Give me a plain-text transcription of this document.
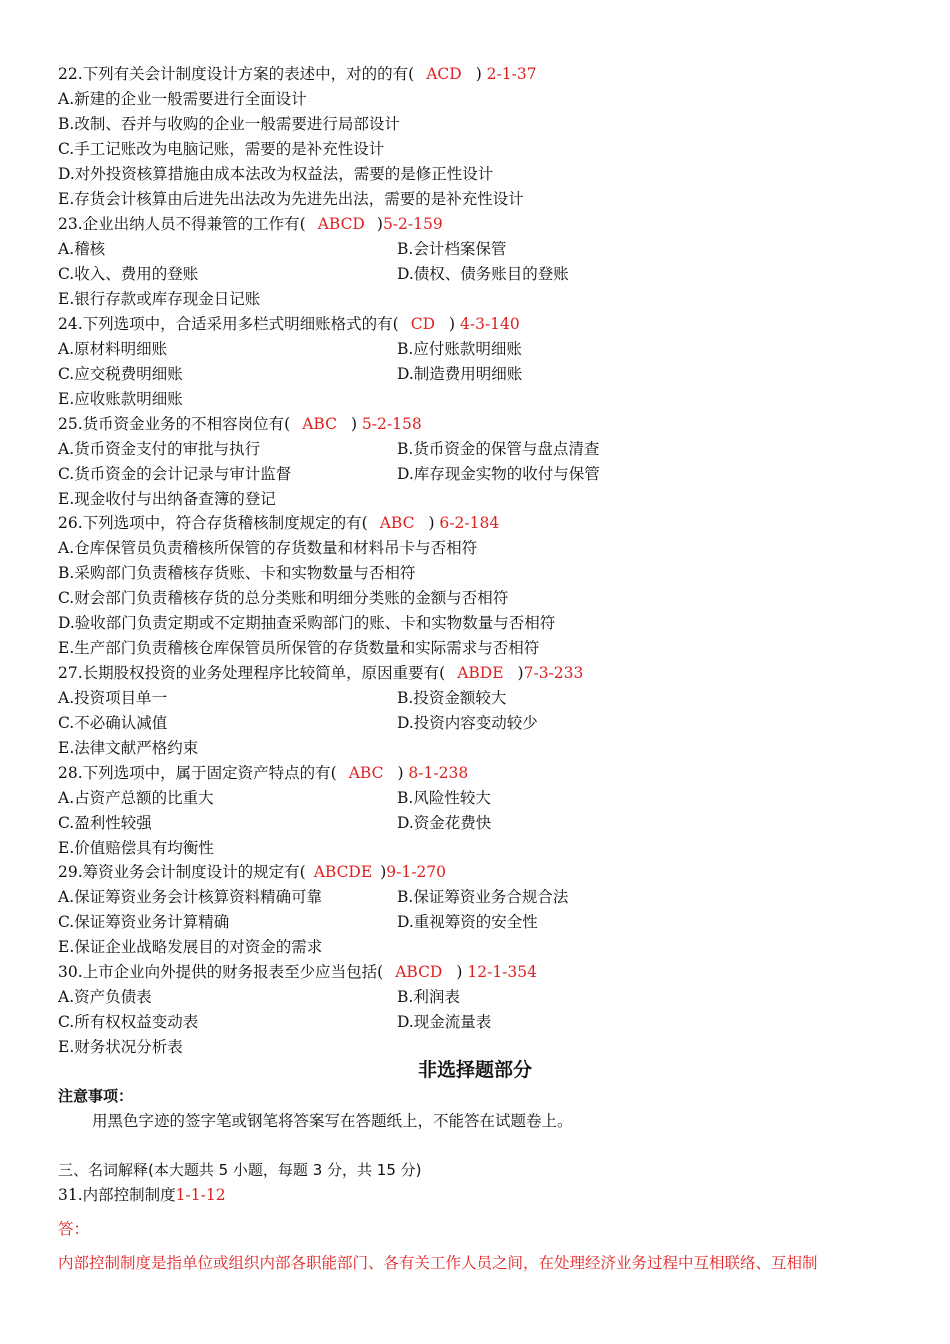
22.下列有关会计制度设计方案的表述中，对的的有( ACD ) 2-1-37
A.新建的企业一般需要进行全面设计
B.改制、吞并与收购的企业一般需要进行局部设计
C.手工记账改为电脑记账，需要的是补充性设计
D.对外投资核算措施由成本法改为权益法，需要的是修正性设计
E.存货会计核算由后进先出法改为先进先出法，需要的是补充性设计
23.企业出纳人员不得兼管的工作有( ABCD )5-2-159
A.稽核	B.会计档案保管
C.收入、费用的登账	D.债权、债务账目的登账
E.银行存款或库存现金日记账
24.下列选项中，合适采用多栏式明细账格式的有( CD ) 4-3-140
A.原材料明细账	B.应付账款明细账
C.应交税费明细账	D.制造费用明细账
E.应收账款明细账
25.货币资金业务的不相容岗位有( ABC ) 5-2-158
A.货币资金支付的审批与执行	B.货币资金的保管与盘点清查
C.货币资金的会计记录与审计监督	D.库存现金实物的收付与保管
E.现金收付与出纳备查簿的登记
26.下列选项中，符合存货稽核制度规定的有( ABC ) 6-2-184
A.仓库保管员负责稽核所保管的存货数量和材料吊卡与否相符
B.采购部门负责稽核存货账、卡和实物数量与否相符
C.财会部门负责稽核存货的总分类账和明细分类账的金额与否相符
D.验收部门负责定期或不定期抽查采购部门的账、卡和实物数量与否相符
E.生产部门负责稽核仓库保管员所保管的存货数量和实际需求与否相符
27.长期股权投资的业务处理程序比较简单，原因重要有( ABDE )7-3-233
A.投资项目单一	B.投资金额较大
C.不必确认减值	D.投资内容变动较少
E.法律文献严格约束
28.下列选项中，属于固定资产特点的有( ABC ) 8-1-238
A.占资产总额的比重大	B.风险性较大
C.盈利性较强	D.资金花费快
E.价值赔偿具有均衡性
29.筹资业务会计制度设计的规定有( ABCDE )9-1-270
A.保证筹资业务会计核算资料精确可靠	B.保证筹资业务合规合法
C.保证筹资业务计算精确	D.重视筹资的安全性
E.保证企业战略发展目的对资金的需求
30.上市企业向外提供的财务报表至少应当包括( ABCD ) 12-1-354
A.资产负债表	B.利润表
C.所有权权益变动表	D.现金流量表
E.财务状况分析表
非选择题部分
注意事项：
用黑色字迹的签字笔或钢笔将答案写在答题纸上，不能答在试题卷上。
三、名词解释(本大题共 5 小题，每题 3 分，共 15 分)
31.内部控制制度1-1-12
答：
内部控制制度是指单位或组织内部各职能部门、各有关工作人员之间，在处理经济业务过程中互相联络、互相制
